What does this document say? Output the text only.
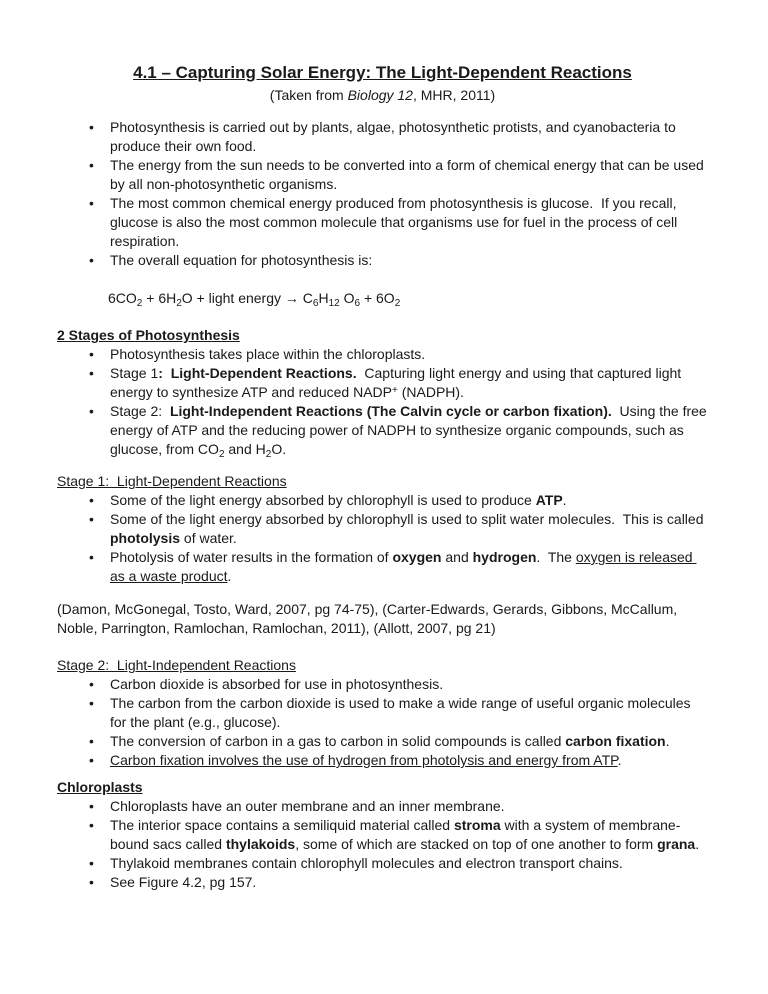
4.1 – Capturing Solar Energy: The Light-Dependent Reactions

(Taken from Biology 12, MHR, 2011)

• Photosynthesis is carried out by plants, algae, photosynthetic protists, and cyanobacteria to produce their own food.
• The energy from the sun needs to be converted into a form of chemical energy that can be used by all non-photosynthetic organisms.
• The most common chemical energy produced from photosynthesis is glucose.  If you recall, glucose is also the most common molecule that organisms use for fuel in the process of cell respiration.
• The overall equation for photosynthesis is:

$6CO_2 + 6H_2O$ + light energy → $C_6H_{12}$ $O_6 + 6O_2$

2 Stages of Photosynthesis
• Photosynthesis takes place within the chloroplasts.
• Stage 1:  Light-Dependent Reactions.  Capturing light energy and using that captured light energy to synthesize ATP and reduced NADP+ (NADPH).
• Stage 2:  Light-Independent Reactions (The Calvin cycle or carbon fixation).  Using the free energy of ATP and the reducing power of NADPH to synthesize organic compounds, such as glucose, from $CO_2$ and $H_2O$.
Stage 1:  Light-Dependent Reactions
• Some of the light energy absorbed by chlorophyll is used to produce ATP.
• Some of the light energy absorbed by chlorophyll is used to split water molecules.  This is called photolysis of water.
• Photolysis of water results in the formation of oxygen and hydrogen.  The oxygen is released as a waste product.

(Damon, McGonegal, Tosto, Ward, 2007, pg 74-75), (Carter-Edwards, Gerards, Gibbons, McCallum, Noble, Parrington, Ramlochan, Ramlochan, 2011), (Allott, 2007, pg 21)

Stage 2:  Light-Independent Reactions
• Carbon dioxide is absorbed for use in photosynthesis.
• The carbon from the carbon dioxide is used to make a wide range of useful organic molecules for the plant (e.g., glucose).
• The conversion of carbon in a gas to carbon in solid compounds is called carbon fixation.
• Carbon fixation involves the use of hydrogen from photolysis and energy from ATP.
Chloroplasts
• Chloroplasts have an outer membrane and an inner membrane.
• The interior space contains a semiliquid material called stroma with a system of membrane-bound sacs called thylakoids, some of which are stacked on top of one another to form grana.
• Thylakoid membranes contain chlorophyll molecules and electron transport chains.
• See Figure 4.2, pg 157.
